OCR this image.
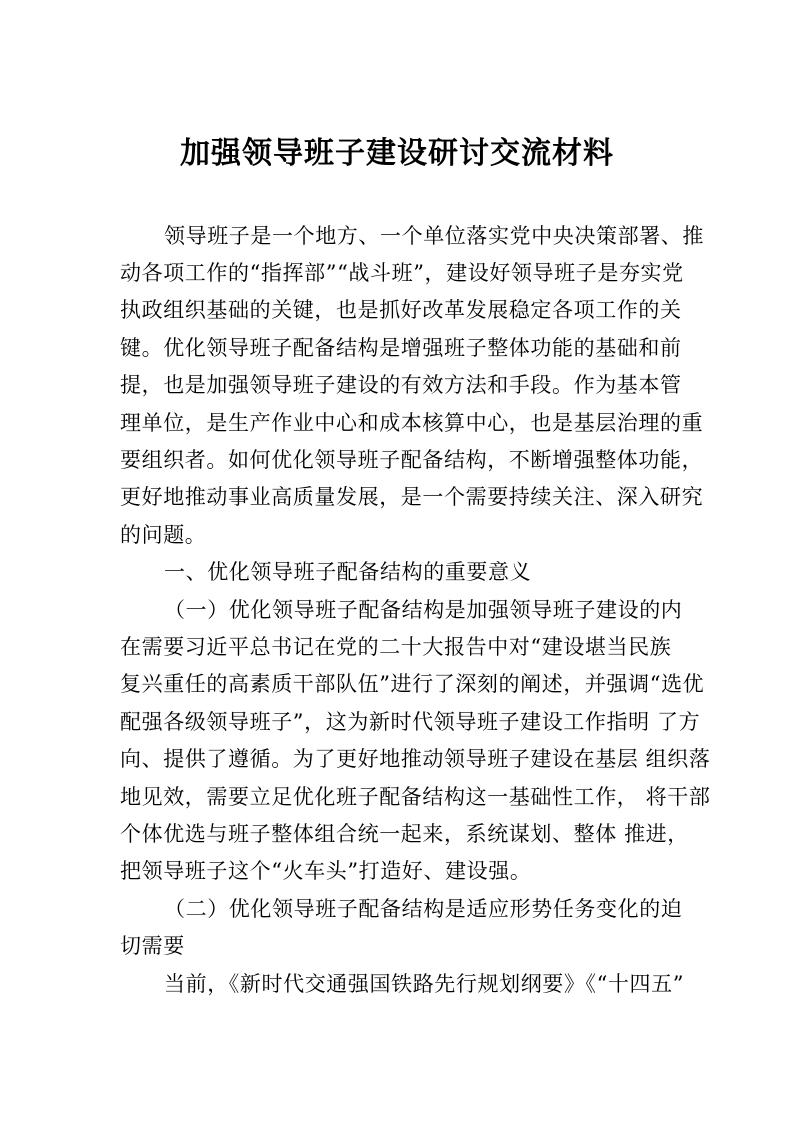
加强领导班子建设研讨交流材料
领导班子是一个地方、一个单位落实党中央决策部署、推
动各项工作的“指挥部”“战斗班”，建设好领导班子是夯实党
执政组织基础的关键，也是抓好改革发展稳定各项工作的关
键。优化领导班子配备结构是增强班子整体功能的基础和前
提，也是加强领导班子建设的有效方法和手段。作为基本管
理单位，是生产作业中心和成本核算中心，也是基层治理的重
要组织者。如何优化领导班子配备结构，不断增强整体功能，
更好地推动事业高质量发展，是一个需要持续关注、深入研究
的问题。
一、优化领导班子配备结构的重要意义
（一）优化领导班子配备结构是加强领导班子建设的内
在需要习近平总书记在党的二十大报告中对“建设堪当民族
复兴重任的高素质干部队伍”进行了深刻的阐述，并强调“选优
配强各级领导班子”，这为新时代领导班子建设工作指明 了方
向、提供了遵循。为了更好地推动领导班子建设在基层 组织落
地见效，需要立足优化班子配备结构这一基础性工作， 将干部
个体优选与班子整体组合统一起来，系统谋划、整体 推进，
把领导班子这个“火车头”打造好、建设强。
（二）优化领导班子配备结构是适应形势任务变化的迫
切需要
当前，《新时代交通强国铁路先行规划纲要》《“十四五”
